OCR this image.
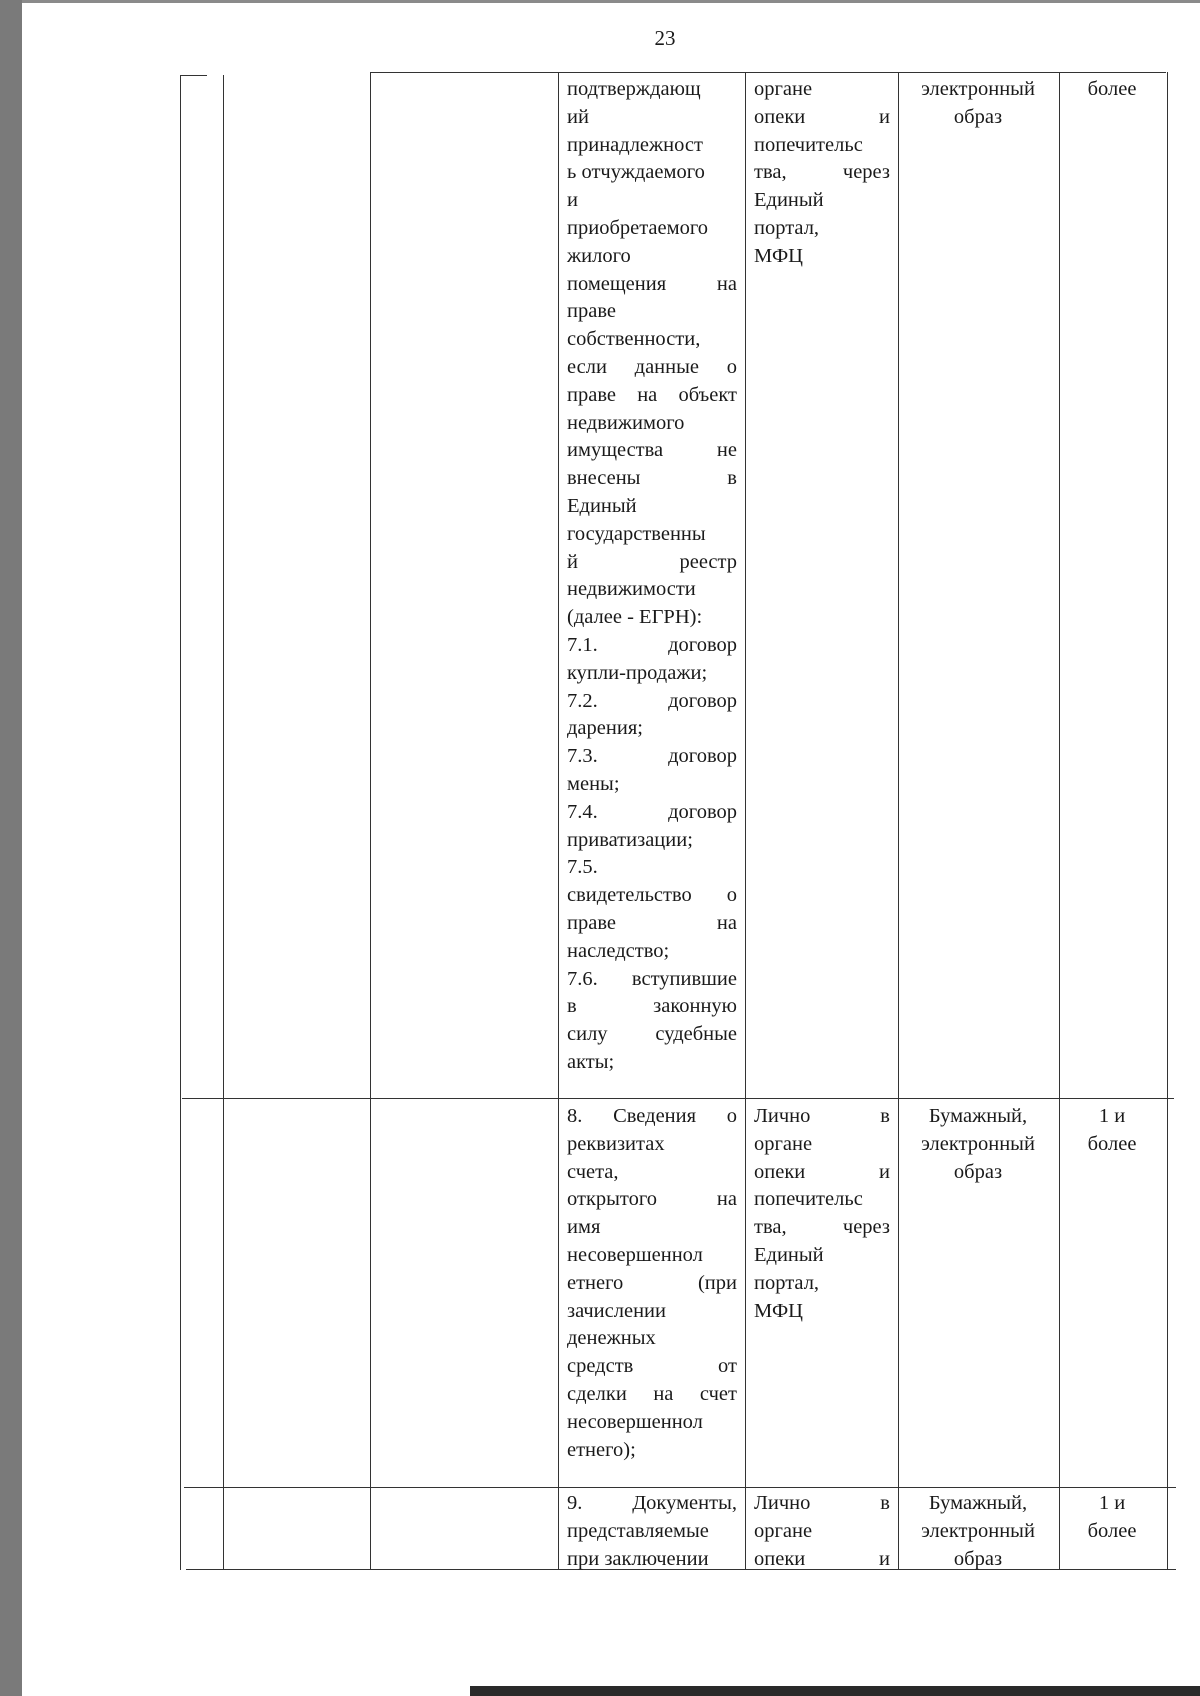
23
подтверждающ
ий
принадлежност
ь отчуждаемого
и
приобретаемого
жилого
помещения на
праве
собственности,
если данные о
праве на объект
недвижимого
имущества не
внесены в
Единый
государственны
й реестр
недвижимости
(далее - ЕГРН):
7.1. договор
купли-продажи;
7.2. договор
дарения;
7.3. договор
мены;
7.4. договор
приватизации;
7.5.
свидетельство о
праве на
наследство;
7.6. вступившие
в законную
силу судебные
акты;
органе
опеки и
попечительс
тва, через
Единый
портал,
МФЦ
электронный
образ
более
8. Сведения о
реквизитах
счета,
открытого на
имя
несовершеннол
етнего (при
зачислении
денежных
средств от
сделки на счет
несовершеннол
етнего);
Лично в
органе
опеки и
попечительс
тва, через
Единый
портал,
МФЦ
Бумажный,
электронный
образ
1 и
более
9. Документы,
представляемые
при заключении
Лично в
органе
опеки и
Бумажный,
электронный
образ
1 и
более
